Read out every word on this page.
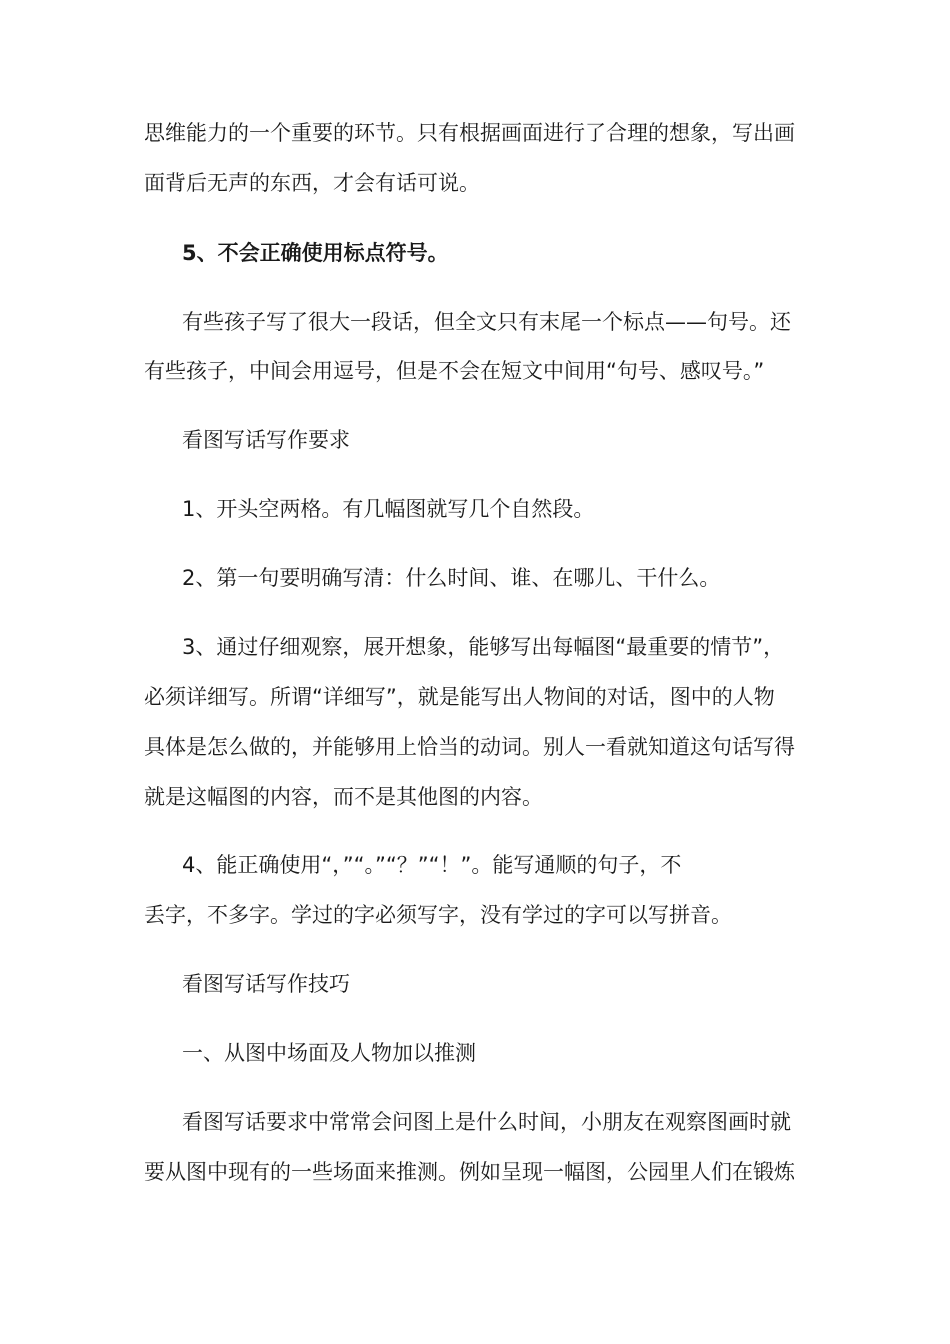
思维能力的一个重要的环节。只有根据画面进行了合理的想象，写出画
面背后无声的东西，才会有话可说。
5、不会正确使用标点符号。
有些孩子写了很大一段话，但全文只有末尾一个标点——句号。还
有些孩子，中间会用逗号，但是不会在短文中间用“句号、感叹号。”
看图写话写作要求
1、开头空两格。有几幅图就写几个自然段。
2、第一句要明确写清：什么时间、谁、在哪儿、干什么。
3、通过仔细观察，展开想象，能够写出每幅图“最重要的情节”，
必须详细写。所谓“详细写”，就是能写出人物间的对话，图中的人物
具体是怎么做的，并能够用上恰当的动词。别人一看就知道这句话写得
就是这幅图的内容，而不是其他图的内容。
4、能正确使用“，”“。”“？”“！”。能写通顺的句子，不
丢字，不多字。学过的字必须写字，没有学过的字可以写拼音。
看图写话写作技巧
一、从图中场面及人物加以推测
看图写话要求中常常会问图上是什么时间，小朋友在观察图画时就
要从图中现有的一些场面来推测。例如呈现一幅图，公园里人们在锻炼
